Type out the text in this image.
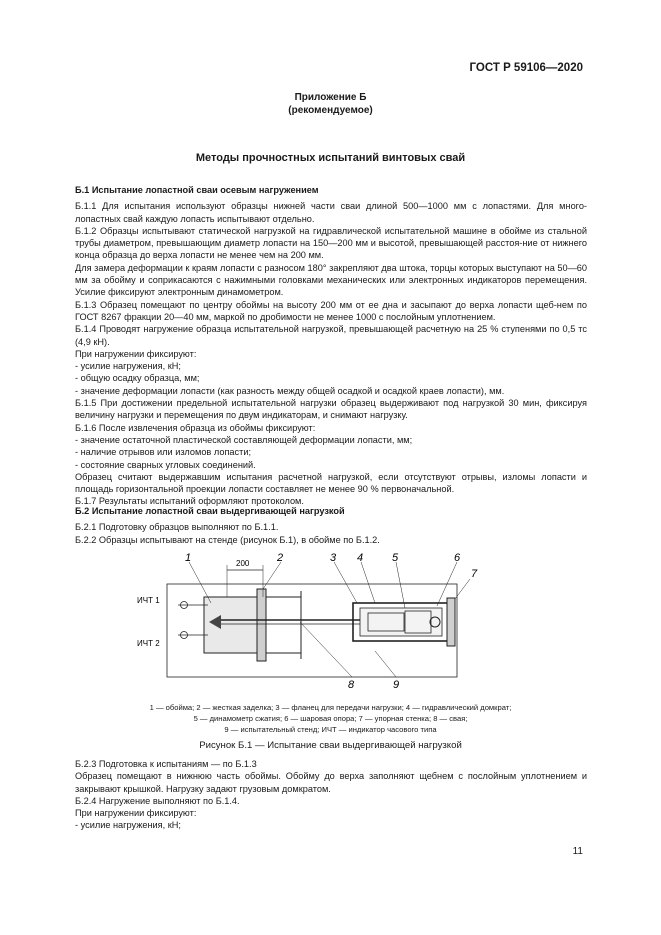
ГОСТ Р 59106—2020
Приложение Б
(рекомендуемое)
Методы прочностных испытаний винтовых свай

Б.1 Испытание лопастной сваи осевым нагружением

Б.1.1 Для испытания используют образцы нижней части сваи длиной 500—1000 мм с лопастями. Для много-лопастных свай каждую лопасть испытывают отдельно.

Б.1.2 Образцы испытывают статической нагрузкой на гидравлической испытательной машине в обойме из стальной трубы диаметром, превышающим диаметр лопасти на 150—200 мм и высотой, превышающей расстоя-ние от нижнего конца образца до верха лопасти не менее чем на 200 мм.

Для замера деформации к краям лопасти с разносом 180° закрепляют два штока, торцы которых выступают на 50—60 мм за обойму и соприкасаются с нажимными головками механических или электронных индикаторов перемещения. Усилие фиксируют электронным динамометром.

Б.1.3 Образец помещают по центру обоймы на высоту 200 мм от ее дна и засыпают до верха лопасти щеб-нем по ГОСТ 8267 фракции 20—40 мм, маркой по дробимости не менее 1000 с послойным уплотнением.

Б.1.4 Проводят нагружение образца испытательной нагрузкой, превышающей расчетную на 25 % ступенями по 0,5 тс (4,9 кН).

При нагружении фиксируют:

- усилие нагружения, кН;

- общую осадку образца, мм;

- значение деформации лопасти (как разность между общей осадкой и осадкой краев лопасти), мм.

Б.1.5 При достижении предельной испытательной нагрузки образец выдерживают под нагрузкой 30 мин, фиксируя величину нагрузки и перемещения по двум индикаторам, и снимают нагрузку.

Б.1.6 После извлечения образца из обоймы фиксируют:

- значение остаточной пластической составляющей деформации лопасти, мм;

- наличие отрывов или изломов лопасти;

- состояние сварных угловых соединений.

Образец считают выдержавшим испытания расчетной нагрузкой, если отсутствуют отрывы, изломы лопасти и площадь горизонтальной проекции лопасти составляет не менее 90 % первоначальной.

Б.1.7 Результаты испытаний оформляют протоколом.

Б.2 Испытание лопастной сваи выдергивающей нагрузкой

Б.2.1 Подготовку образцов выполняют по Б.1.1.

Б.2.2 Образцы испытывают на стенде (рисунок Б.1), в обойме по Б.1.2.

200
ИЧТ 1
ИЧТ 2
1	2	3 4	5	6
7
8	9
1 — обойма; 2 — жесткая заделка; 3 — фланец для передачи нагрузки; 4 — гидравлический домкрат;
5 — динамометр сжатия; 6 — шаровая опора; 7 — упорная стенка; 8 — свая;
9 — испытательный стенд; ИЧТ — индикатор часового типа
Рисунок Б.1 — Испытание сваи выдергивающей нагрузкой

Б.2.3 Подготовка к испытаниям — по Б.1.3

Образец помещают в нижнюю часть обоймы. Обойму до верха заполняют щебнем с послойным уплотнением и закрывают крышкой. Нагрузку задают грузовым домкратом.

Б.2.4 Нагружение выполняют по Б.1.4.

При нагружении фиксируют:

- усилие нагружения, кН;

11
